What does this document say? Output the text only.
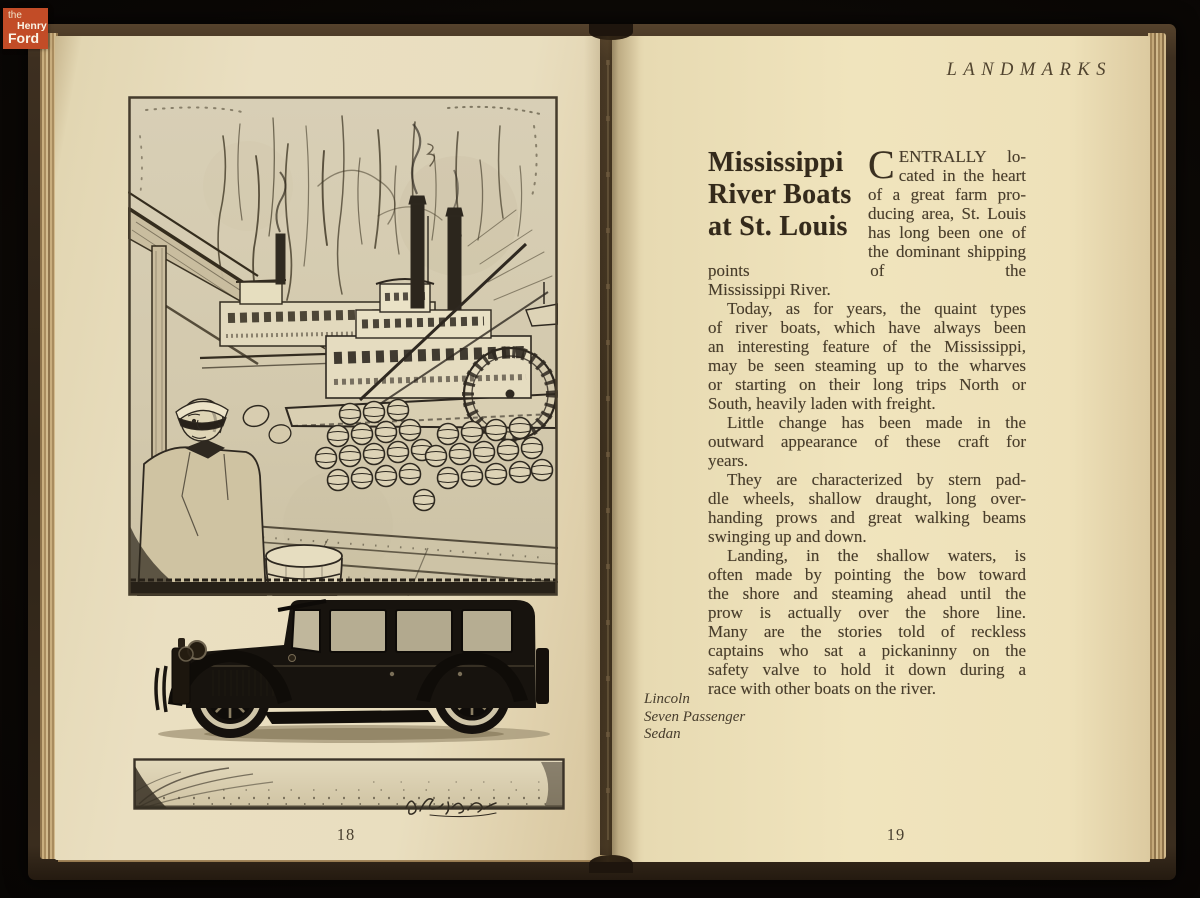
18	19
LANDMARKS
Mississippi
River Boats
at St. Louis
C ENTRALLY lo-
cated in the heart
of a great farm pro-
ducing area, St. Louis
has long been one of
the dominant shipping points of the
Mississippi River.
Today, as for years, the quaint types
of river boats, which have always been
an interesting feature of the Mississippi,
may be seen steaming up to the wharves
or starting on their long trips North or
South, heavily laden with freight.
Little change has been made in the
outward appearance of these craft for
years.
They are characterized by stern pad-
dle wheels, shallow draught, long over-
handing prows and great walking beams
swinging up and down.
Landing, in the shallow waters, is
often made by pointing the bow toward
the shore and steaming ahead until the
prow is actually over the shore line.
Many are the stories told of reckless
captains who sat a pickaninny on the
safety valve to hold it down during a
race with other boats on the river.
Lincoln
Seven Passenger
Sedan
the
Henry
Ford
